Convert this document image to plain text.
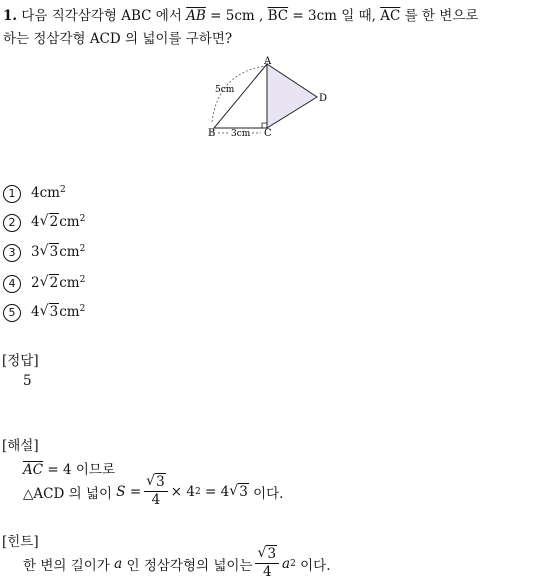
1. 다음 직각삼각형 ABC 에서 $\overline{AB} = 5cm$ , $\overline{BC} = 3cm$ 일 때, $\overline{AC}$ 를 한 변으로
하는 정삼각형 ACD 의 넓이를 구하면?
A
B	C
D
5cm
3cm
1	$4cm^2$
2	4 √ $2cm^2$
3	3 √ $3cm^2$
4	2 √ $2cm^2$
5	4 √ $3cm^2$
[정답]
5
[해설]
$\overline{AC} = 4$ 이므로
△ACD 의 넓이
S
= √ $\frac{3}{4} \times 4$ 2
= 4 √ 3
이다.
[힌트]
한 변의 길이가
a
인 정삼각형의 넓이는 √ $\frac{3}{4}$ a 2
이다.
